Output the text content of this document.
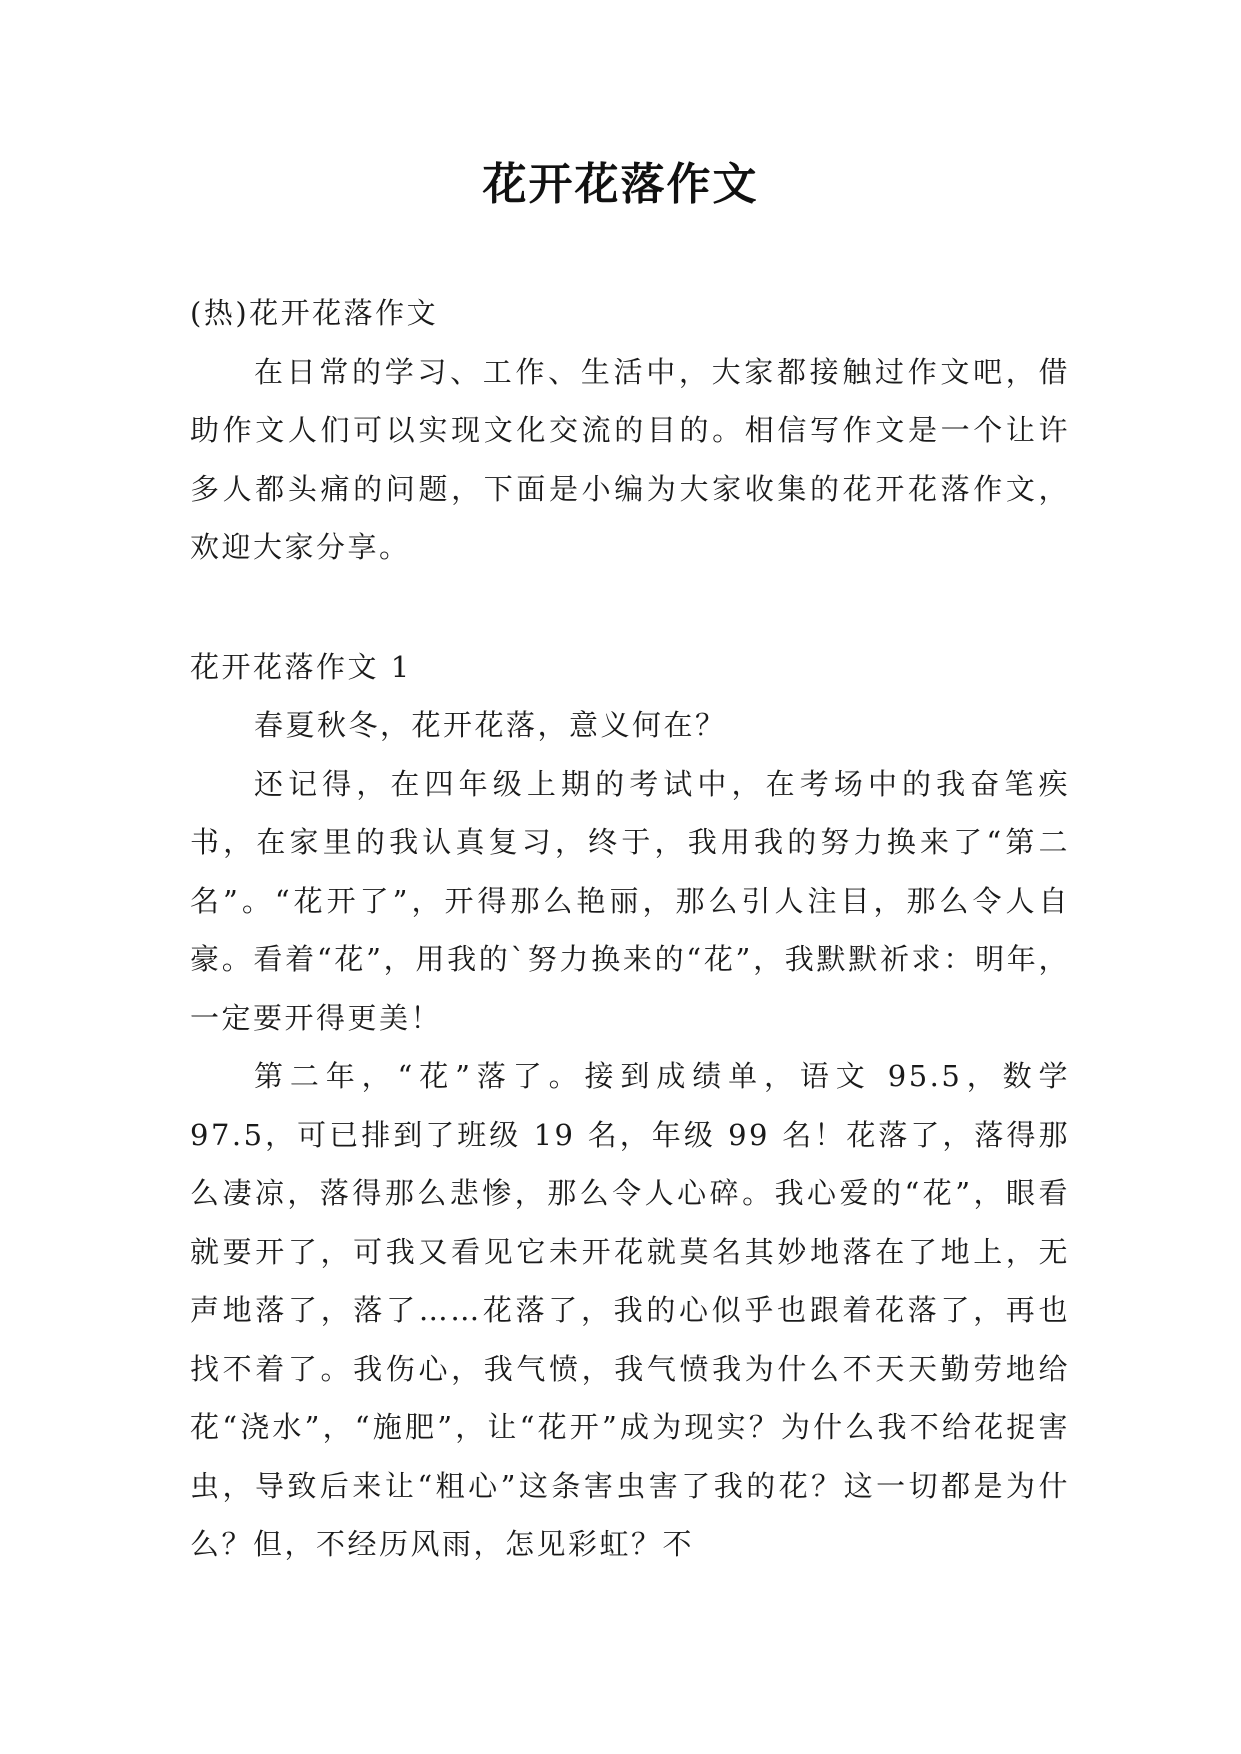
花开花落作文

(热)花开花落作文

在日常的学习、工作、生活中，大家都接触过作文吧，借助作文人们可以实现文化交流的目的。相信写作文是一个让许多人都头痛的问题，下面是小编为大家收集的花开花落作文，欢迎大家分享。

花开花落作文 1

春夏秋冬，花开花落，意义何在？

还记得，在四年级上期的考试中，在考场中的我奋笔疾书，在家里的我认真复习，终于，我用我的努力换来了“第二名”。“花开了”，开得那么艳丽，那么引人注目，那么令人自豪。看着“花”，用我的`努力换来的“花”，我默默祈求：明年，一定要开得更美！

第二年，“花”落了。接到成绩单，语文 95.5，数学 97.5，可已排到了班级 19 名，年级 99 名！花落了，落得那么凄凉，落得那么悲惨，那么令人心碎。我心爱的“花”，眼看就要开了，可我又看见它未开花就莫名其妙地落在了地上，无声地落了，落了……花落了，我的心似乎也跟着花落了，再也找不着了。我伤心，我气愤，我气愤我为什么不天天勤劳地给花“浇水”，“施肥”，让“花开”成为现实？为什么我不给花捉害虫，导致后来让“粗心”这条害虫害了我的花？这一切都是为什么？但，不经历风雨，怎见彩虹？不
